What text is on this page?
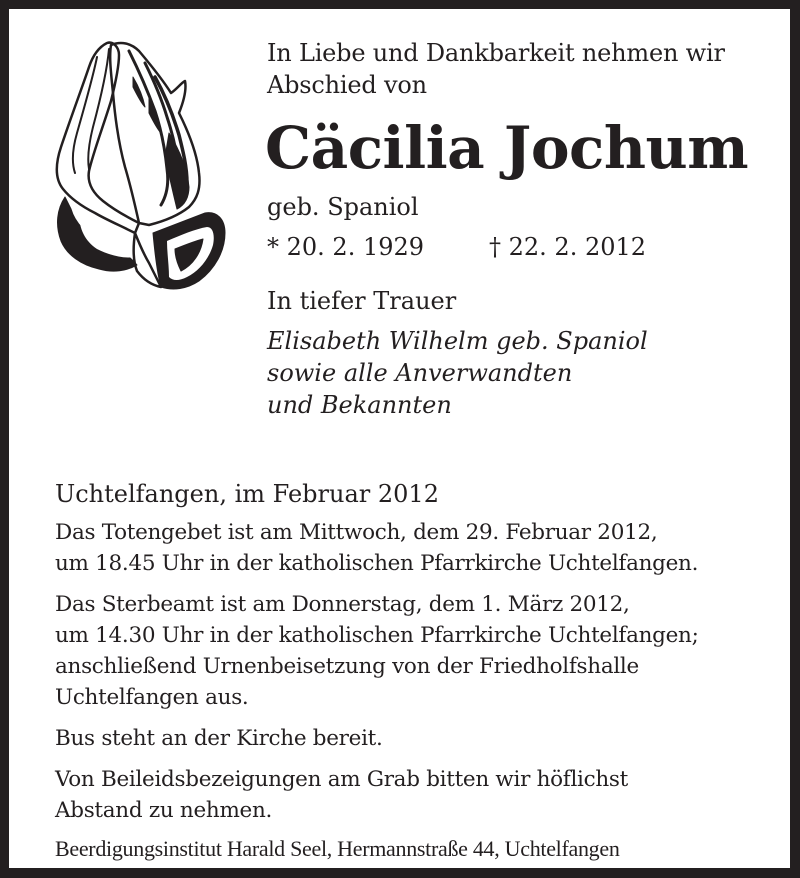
In Liebe und Dankbarkeit nehmen wir
Abschied von
Cäcilia Jochum
geb. Spaniol
* 20. 2. 1929	† 22. 2. 2012
In tiefer Trauer
Elisabeth Wilhelm geb. Spaniol
sowie alle Anverwandten
und Bekannten
Uchtelfangen, im Februar 2012
Das Totengebet ist am Mittwoch, dem 29. Februar 2012,
um 18.45 Uhr in der katholischen Pfarrkirche Uchtelfangen.
Das Sterbeamt ist am Donnerstag, dem 1. März 2012,
um 14.30 Uhr in der katholischen Pfarrkirche Uchtelfangen;
anschließend Urnenbeisetzung von der Friedholfshalle
Uchtelfangen aus.
Bus steht an der Kirche bereit.
Von Beileidsbezeigungen am Grab bitten wir höflichst
Abstand zu nehmen.
Beerdigungsinstitut Harald Seel, Hermannstraße 44, Uchtelfangen
